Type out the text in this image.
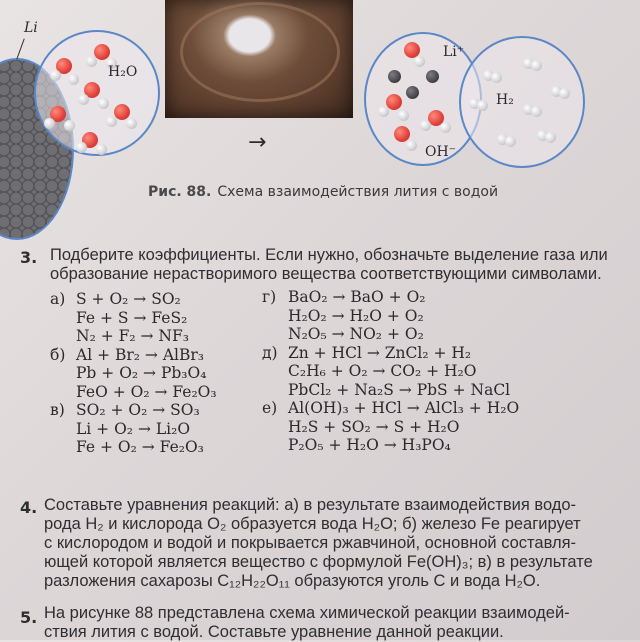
Li
H₂O
→
Li⁺
OH⁻
H₂
Рис. 88. Схема взаимодействия лития с водой
3. Подберите коэффициенты. Если нужно, обозначьте выделение газа или
образование нерастворимого вещества соответствующими символами.
а) S + O₂ → SO₂
Fe + S → FeS₂
N₂ + F₂ → NF₃
б) Al + Br₂ → AlBr₃
Pb + O₂ → Pb₃O₄
FeO + O₂ → Fe₂O₃
в) SO₂ + O₂ → SO₃
Li + O₂ → Li₂O
Fe + O₂ → Fe₂O₃
г) BaO₂ → BaO + O₂
H₂O₂ → H₂O + O₂
N₂O₅ → NO₂ + O₂
д) Zn + HCl → ZnCl₂ + H₂
C₂H₆ + O₂ → CO₂ + H₂O
PbCl₂ + Na₂S → PbS + NaCl
е) Al(OH)₃ + HCl → AlCl₃ + H₂O
H₂S + SO₂ → S + H₂O
P₂O₅ + H₂O → H₃PO₄
4. Составьте уравнения реакций: а) в результате взаимодействия водо-
рода H₂ и кислорода O₂ образуется вода H₂O; б) железо Fe реагирует
с кислородом и водой и покрывается ржавчиной, основной составля-
ющей которой является вещество с формулой Fe(OH)₃; в) в результате
разложения сахарозы C₁₂H₂₂O₁₁ образуются уголь C и вода H₂O.
5. На рисунке 88 представлена схема химической реакции взаимодей-
ствия лития с водой. Составьте уравнение данной реакции.
